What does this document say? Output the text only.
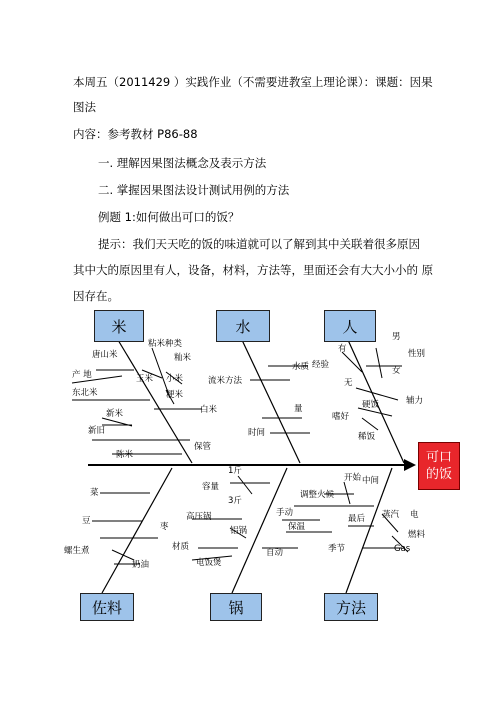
本周五（2011429 ）实践作业（不需要进教室上理论课）：课题：因果
图法
内容：参考教材 P86-88
一. 理解因果图法概念及表示方法
二. 掌握因果图法设计测试用例的方法
例题 1:如何做出可口的饭？
提示：我们天天吃的饭的味道就可以了解到其中关联着很多原因
其中大的原因里有人，设备，材料，方法等，里面还会有大大小小的 原
因存在。
米	水	人
佐料	锅	方法
可口
的饭
粘米种类
唐山米	籼米
产 地	玉米 小米
东北米	粳米
白米
新米
新旧
保管
陈米
水质
流米方法
量
时间
男
有
经验
性别
女
无
嗜好
辅力
硬饭
稀饭
菜
豆
枣
螺生煮
奶油
1斤
容量
3斤
高压锅
铝锅
材质
电饭煲
开始 中间
调整火候
手动
最后
保温
蒸汽 电
季节
燃料
自动	Gas
